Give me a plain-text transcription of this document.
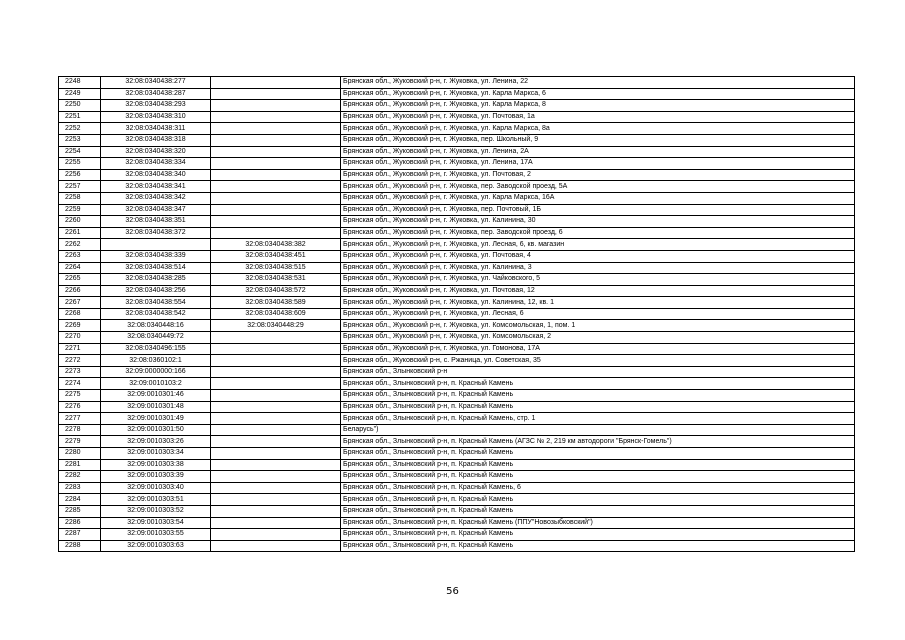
2248	32:08:0340438:277		Брянская обл., Жуковский р-н, г. Жуковка, ул. Ленина, 22
2249	32:08:0340438:287		Брянская обл., Жуковский р-н, г. Жуковка, ул. Карла Маркса, 6
2250	32:08:0340438:293		Брянская обл., Жуковский р-н, г. Жуковка, ул. Карла Маркса, 8
2251	32:08:0340438:310		Брянская обл., Жуковский р-н, г. Жуковка, ул. Почтовая, 1а
2252	32:08:0340438:311		Брянская обл., Жуковский р-н, г. Жуковка, ул. Карла Маркса, 8а
2253	32:08:0340438:318		Брянская обл., Жуковский р-н, г. Жуковка, пер. Школьный, 9
2254	32:08:0340438:320		Брянская обл., Жуковский р-н, г. Жуковка, ул. Ленина, 2А
2255	32:08:0340438:334		Брянская обл., Жуковский р-н, г. Жуковка, ул. Ленина, 17А
2256	32:08:0340438:340		Брянская обл., Жуковский р-н, г. Жуковка, ул. Почтовая, 2
2257	32:08:0340438:341		Брянская обл., Жуковский р-н, г. Жуковка, пер. Заводской проезд, 5А
2258	32:08:0340438:342		Брянская обл., Жуковский р-н, г. Жуковка, ул. Карла Маркса, 16А
2259	32:08:0340438:347		Брянская обл., Жуковский р-н, г. Жуковка, пер. Почтовый, 1Б
2260	32:08:0340438:351		Брянская обл., Жуковский р-н, г. Жуковка, ул. Калинина, 30
2261	32:08:0340438:372		Брянская обл., Жуковский р-н, г. Жуковка, пер. Заводской проезд, 6
2262		32:08:0340438:382	Брянская обл., Жуковский р-н, г. Жуковка, ул. Лесная, 6, кв. магазин
2263	32:08:0340438:339	32:08:0340438:451	Брянская обл., Жуковский р-н, г. Жуковка, ул. Почтовая, 4
2264	32:08:0340438:514	32:08:0340438:515	Брянская обл., Жуковский р-н, г. Жуковка, ул. Калинина, 3
2265	32:08:0340438:285	32:08:0340438:531	Брянская обл., Жуковский р-н, г. Жуковка, ул. Чайковского, 5
2266	32:08:0340438:256	32:08:0340438:572	Брянская обл., Жуковский р-н, г. Жуковка, ул. Почтовая, 12
2267	32:08:0340438:554	32:08:0340438:589	Брянская обл., Жуковский р-н, г. Жуковка, ул. Калинина, 12, кв. 1
2268	32:08:0340438:542	32:08:0340438:609	Брянская обл., Жуковский р-н, г. Жуковка, ул. Лесная, 6
2269	32:08:0340448:16	32:08:0340448:29	Брянская обл., Жуковский р-н, г. Жуковка, ул. Комсомольская, 1, пом. 1
2270	32:08:0340449:72		Брянская обл., Жуковский р-н, г. Жуковка, ул. Комсомольская, 2
2271	32:08:0340496:155		Брянская обл., Жуковский р-н, г. Жуковка, ул. Гомонова, 17А
2272	32:08:0360102:1		Брянская обл., Жуковский р-н, с. Ржаница, ул. Советская, 35
2273	32:09:0000000:166		Брянская обл., Злынковский р-н
2274	32:09:0010103:2		Брянская обл., Злынковский р-н, п. Красный Камень
2275	32:09:0010301:46		Брянская обл., Злынковский р-н, п. Красный Камень
2276	32:09:0010301:48		Брянская обл., Злынковский р-н, п. Красный Камень
2277	32:09:0010301:49		Брянская обл., Злынковский р-н, п. Красный Камень, стр. 1
2278	32:09:0010301:50		Беларусь")
2279	32:09:0010303:26		Брянская обл., Злынковский р-н, п. Красный Камень (АГЗС № 2, 219 км автодороги "Брянск-Гомель")
2280	32:09:0010303:34		Брянская обл., Злынковский р-н, п. Красный Камень
2281	32:09:0010303:38		Брянская обл., Злынковский р-н, п. Красный Камень
2282	32:09:0010303:39		Брянская обл., Злынковский р-н, п. Красный Камень
2283	32:09:0010303:40		Брянская обл., Злынковский р-н, п. Красный Камень, 6
2284	32:09:0010303:51		Брянская обл., Злынковский р-н, п. Красный Камень
2285	32:09:0010303:52		Брянская обл., Злынковский р-н, п. Красный Камень
2286	32:09:0010303:54		Брянская обл., Злынковский р-н, п. Красный Камень (ППУ"Новозыбковский")
2287	32:09:0010303:55		Брянская обл., Злынковский р-н, п. Красный Камень
2288	32:09:0010303:63		Брянская обл., Злынковский р-н, п. Красный Камень
56
